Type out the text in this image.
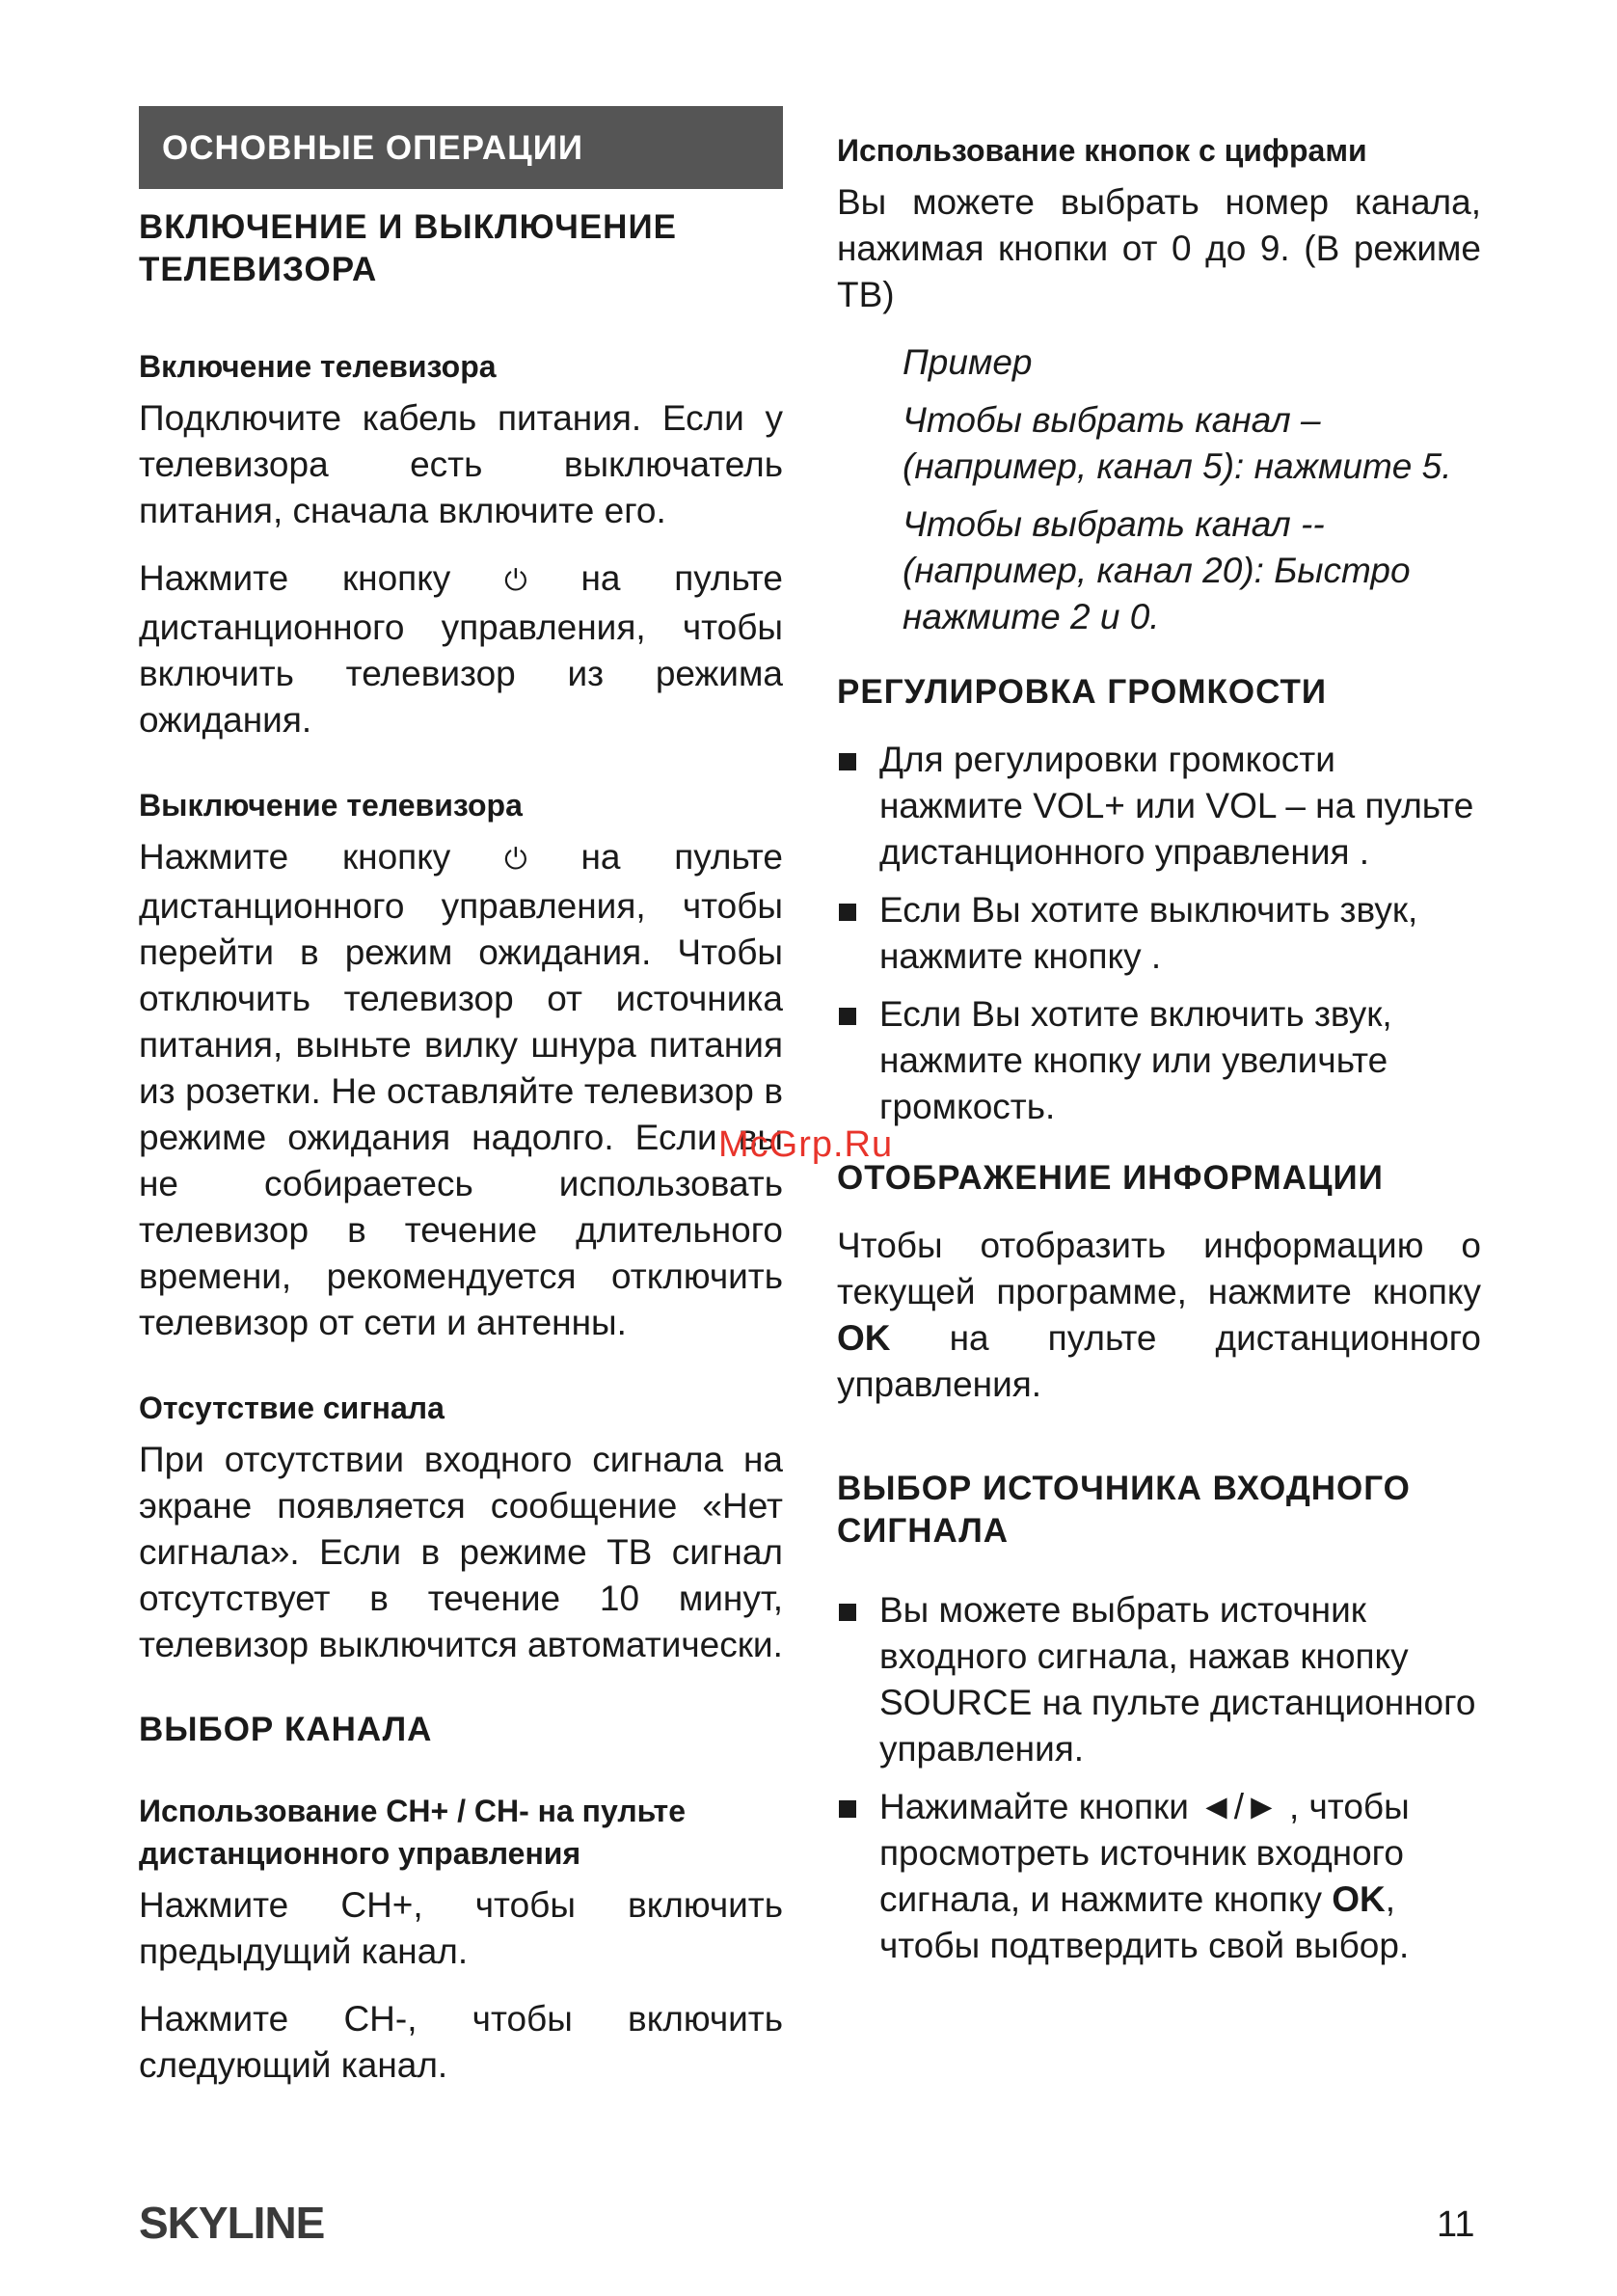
ОСНОВНЫЕ ОПЕРАЦИИ
ВКЛЮЧЕНИЕ И ВЫКЛЮЧЕНИЕ ТЕЛЕВИЗОРА
Включение телевизора

Подключите кабель питания. Если у телевизора есть выключатель питания, сначала включите его.

Нажмите кнопку ⏻ на пульте дистанционного управления, чтобы включить телевизор из режима ожидания.

Выключение телевизора

Нажмите кнопку ⏻ на пульте дистанционного управления, чтобы перейти в режим ожидания. Чтобы отключить телевизор от источника питания, выньте вилку шнура питания из розетки. Не оставляйте телевизор в режиме ожидания надолго. Если вы не собираетесь использовать телевизор в течение длительного времени, рекомендуется отключить телевизор от сети и антенны.

Отсутствие сигнала

При отсутствии входного сигнала на экране появляется сообщение «Нет сигнала». Если в режиме ТВ сигнал отсутствует в течение 10 минут, телевизор выключится автоматически.

ВЫБОР КАНАЛА
Использование CH+ / CH- на пульте дистанционного управления

Нажмите CH+, чтобы включить предыдущий канал.

Нажмите CH-, чтобы включить следующий канал.

Использование кнопок с цифрами

Вы можете выбрать номер канала, нажимая кнопки от 0 до 9. (В режиме ТВ)

Пример

Чтобы выбрать канал – (например, канал 5): нажмите 5.

Чтобы выбрать канал -- (например, канал 20): Быстро нажмите 2 и 0.

РЕГУЛИРОВКА ГРОМКОСТИ
Для регулировки громкости нажмите VOL+ или VOL – на пульте дистанционного управления .
Если Вы хотите выключить звук, нажмите кнопку .
Если Вы хотите включить звук, нажмите кнопку или увеличьте громкость.
ОТОБРАЖЕНИЕ ИНФОРМАЦИИ

Чтобы отобразить информацию о текущей программе, нажмите кнопку OK на пульте дистанционного управления.

ВЫБОР ИСТОЧНИКА ВХОДНОГО СИГНАЛА
Вы можете выбрать источник входного сигнала, нажав кнопку SOURCE на пульте дистанционного управления.
Нажимайте кнопки ◄/► , чтобы просмотреть источник входного сигнала, и нажмите кнопку OK, чтобы подтвердить свой выбор.
McGrp.Ru
SKYLINE	11
